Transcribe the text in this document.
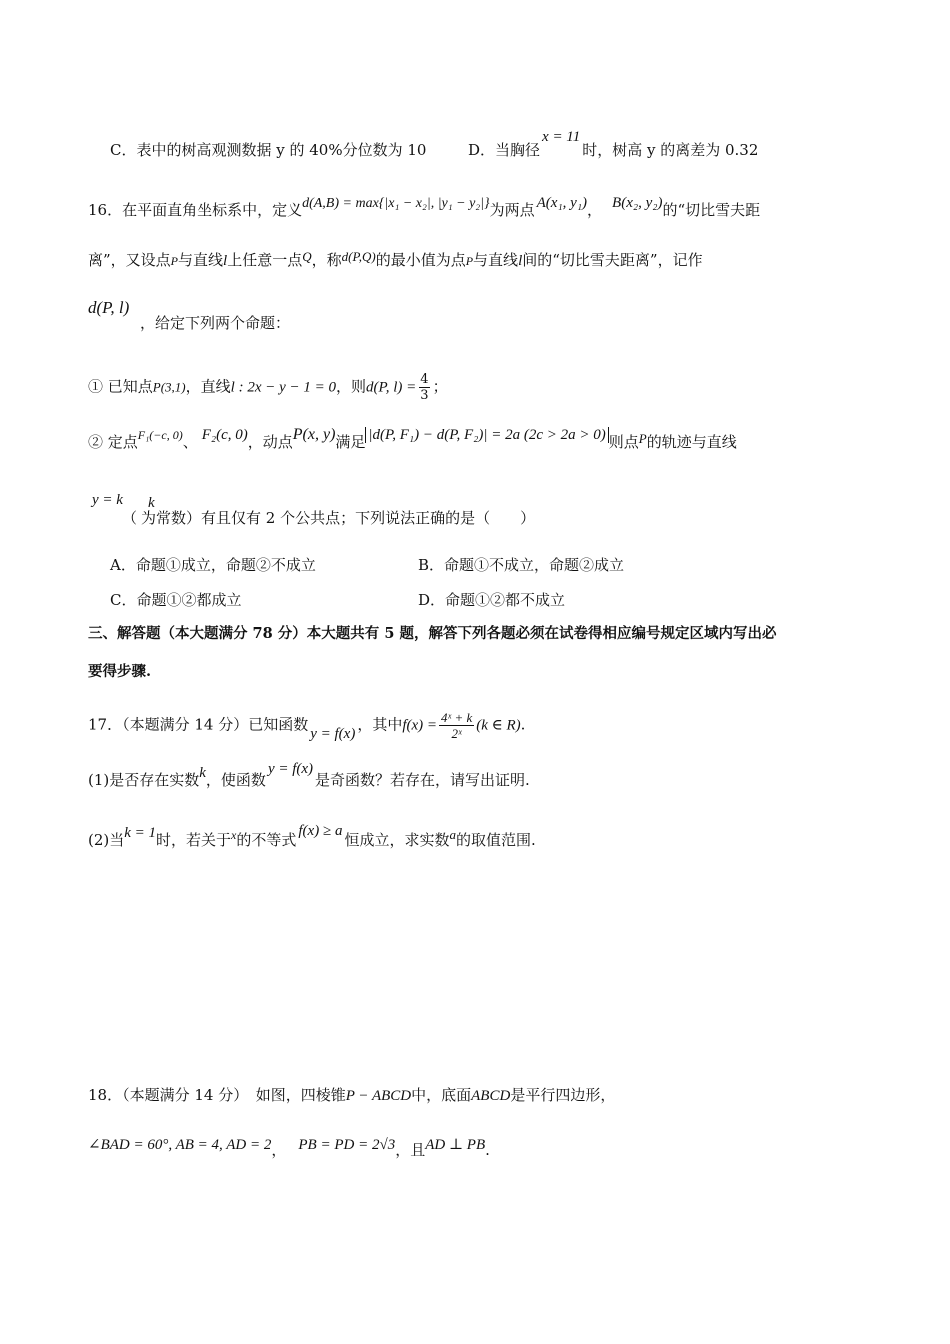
C．表中的树高观测数据 y 的 40%分位数为 10	D．当胸径x = 11时，树高 y 的离差为 0.32
16．在平面直角坐标系中，定义d(A,B) = max{|x₁ − x₂|, |y₁ − y₂|}为两点 A(x₁, y₁)， B(x₂, y₂)的“切比雪夫距
离”，又设点P与直线l上任意一点Q，称d(P,Q)的最小值为点P与直线l间的“切比雪夫距离”，记作
d(P, l)
，给定下列两个命题：
① 已知点P(3,1)，直线l : 2x − y − 1 = 0，则d(P, $l) = \frac{4}{3}$ ；
② 定点$^{F_1(-c, 0)}$、 F₂(c, 0)，动点P(x, y)满足 |d(P, F₁) − d(P, F₂)| = 2a (2c > 2a > 0) 则点P的轨迹与直线
y = k k
（ 为常数）有且仅有 2 个公共点；下列说法正确的是（　　）
A．命题①成立，命题②不成立	B．命题①不成立，命题②成立
C．命题①②都成立	D．命题①②都不成立
三、解答题（本大题满分 78 分）本大题共有 5 题，解答下列各题必须在试卷得相应编号规定区域内写出必
要得步骤.
17．（本题满分 14 分）已知函数 y = f(x) ，其中$f(x) = \frac{\text{4ˣ + k}}{\text{2ˣ}} (k$ ∈ R).
(1)是否存在实数k，使函数y = f(x)是奇函数？若存在，请写出证明.
(2)当k = 1时，若关于$^x$的不等式 f(x) ≥ a 恒成立，求实数a的取值范围.
18．（本题满分 14 分）　如图，四棱锥P − ABCD中，底面ABCD是平行四边形，
∠BAD = 60°, AB = 4, AD = 2， PB = PD = 2√3，且AD ⊥ PB.
